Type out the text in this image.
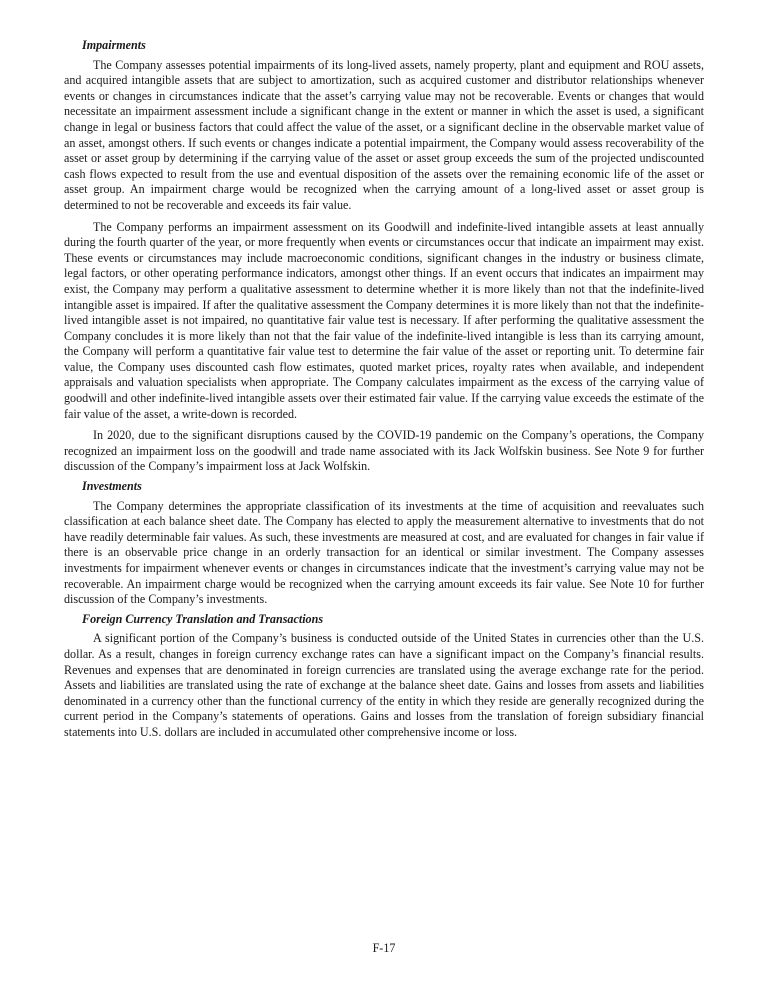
Impairments

The Company assesses potential impairments of its long-lived assets, namely property, plant and equipment and ROU assets, and acquired intangible assets that are subject to amortization, such as acquired customer and distributor relationships whenever events or changes in circumstances indicate that the asset’s carrying value may not be recoverable. Events or changes that would necessitate an impairment assessment include a significant change in the extent or manner in which the asset is used, a significant change in legal or business factors that could affect the value of the asset, or a significant decline in the observable market value of an asset, amongst others. If such events or changes indicate a potential impairment, the Company would assess recoverability of the asset or asset group by determining if the carrying value of the asset or asset group exceeds the sum of the projected undiscounted cash flows expected to result from the use and eventual disposition of the assets over the remaining economic life of the asset or asset group. An impairment charge would be recognized when the carrying amount of a long-lived asset or asset group is determined to not be recoverable and exceeds its fair value.

The Company performs an impairment assessment on its Goodwill and indefinite-lived intangible assets at least annually during the fourth quarter of the year, or more frequently when events or circumstances occur that indicate an impairment may exist. These events or circumstances may include macroeconomic conditions, significant changes in the industry or business climate, legal factors, or other operating performance indicators, amongst other things. If an event occurs that indicates an impairment may exist, the Company may perform a qualitative assessment to determine whether it is more likely than not that the indefinite-lived intangible asset is impaired. If after the qualitative assessment the Company determines it is more likely than not that the indefinite-lived intangible asset is not impaired, no quantitative fair value test is necessary. If after performing the qualitative assessment the Company concludes it is more likely than not that the fair value of the indefinite-lived intangible is less than its carrying amount, the Company will perform a quantitative fair value test to determine the fair value of the asset or reporting unit. To determine fair value, the Company uses discounted cash flow estimates, quoted market prices, royalty rates when available, and independent appraisals and valuation specialists when appropriate. The Company calculates impairment as the excess of the carrying value of goodwill and other indefinite-lived intangible assets over their estimated fair value. If the carrying value exceeds the estimate of the fair value of the asset, a write-down is recorded.

In 2020, due to the significant disruptions caused by the COVID-19 pandemic on the Company’s operations, the Company recognized an impairment loss on the goodwill and trade name associated with its Jack Wolfskin business. See Note 9 for further discussion of the Company’s impairment loss at Jack Wolfskin.

Investments

The Company determines the appropriate classification of its investments at the time of acquisition and reevaluates such classification at each balance sheet date. The Company has elected to apply the measurement alternative to investments that do not have readily determinable fair values. As such, these investments are measured at cost, and are evaluated for changes in fair value if there is an observable price change in an orderly transaction for an identical or similar investment. The Company assesses investments for impairment whenever events or changes in circumstances indicate that the investment’s carrying value may not be recoverable. An impairment charge would be recognized when the carrying amount exceeds its fair value. See Note 10 for further discussion of the Company’s investments.

Foreign Currency Translation and Transactions

A significant portion of the Company’s business is conducted outside of the United States in currencies other than the U.S. dollar. As a result, changes in foreign currency exchange rates can have a significant impact on the Company’s financial results. Revenues and expenses that are denominated in foreign currencies are translated using the average exchange rate for the period. Assets and liabilities are translated using the rate of exchange at the balance sheet date. Gains and losses from assets and liabilities denominated in a currency other than the functional currency of the entity in which they reside are generally recognized during the current period in the Company’s statements of operations. Gains and losses from the translation of foreign subsidiary financial statements into U.S. dollars are included in accumulated other comprehensive income or loss.

F-17
